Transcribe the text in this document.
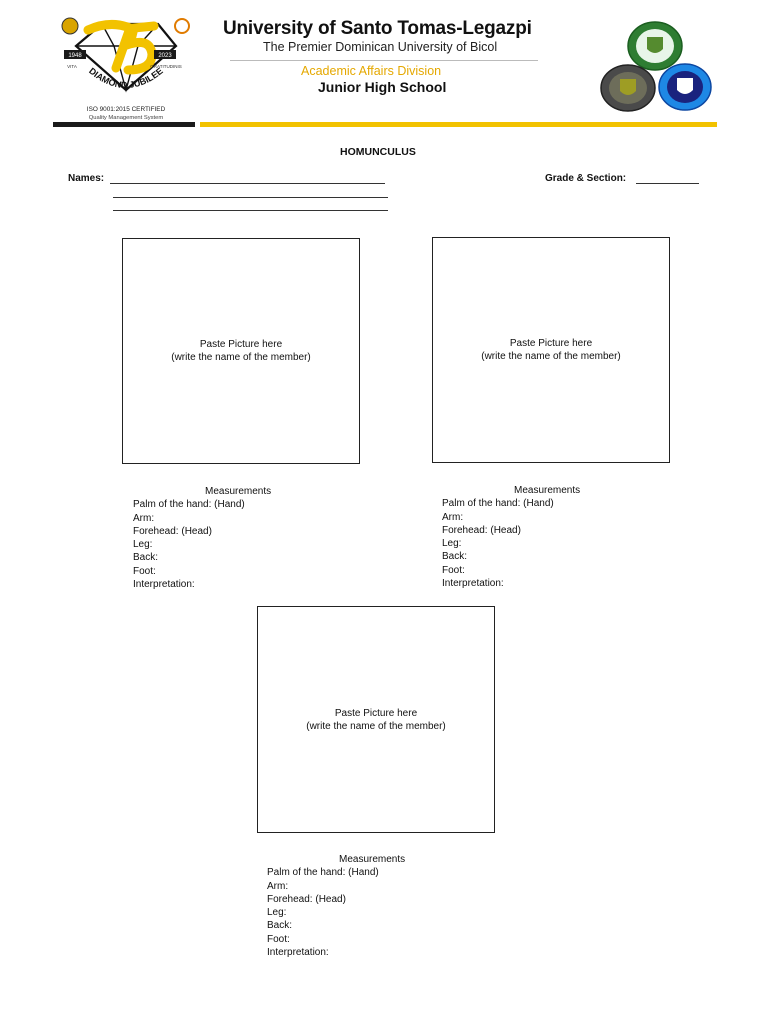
1948	2023
VITA	GRATITUDINIS
DIAMOND JUBILEE
ISO 9001:2015 CERTIFIED
Quality Management System
University of Santo Tomas-Legazpi
The Premier Dominican University of Bicol
Academic Affairs Division
Junior High School
HOMUNCULUS
Names:	Grade & Section:
Paste Picture here
(write the name of the member)
Measurements
Palm of the hand: (Hand)
Arm:
Forehead: (Head)
Leg:
Back:
Foot:
Interpretation:
Paste Picture here
(write the name of the member)
Measurements
Palm of the hand: (Hand)
Arm:
Forehead: (Head)
Leg:
Back:
Foot:
Interpretation:
Paste Picture here
(write the name of the member)
Measurements
Palm of the hand: (Hand)
Arm:
Forehead: (Head)
Leg:
Back:
Foot:
Interpretation:
